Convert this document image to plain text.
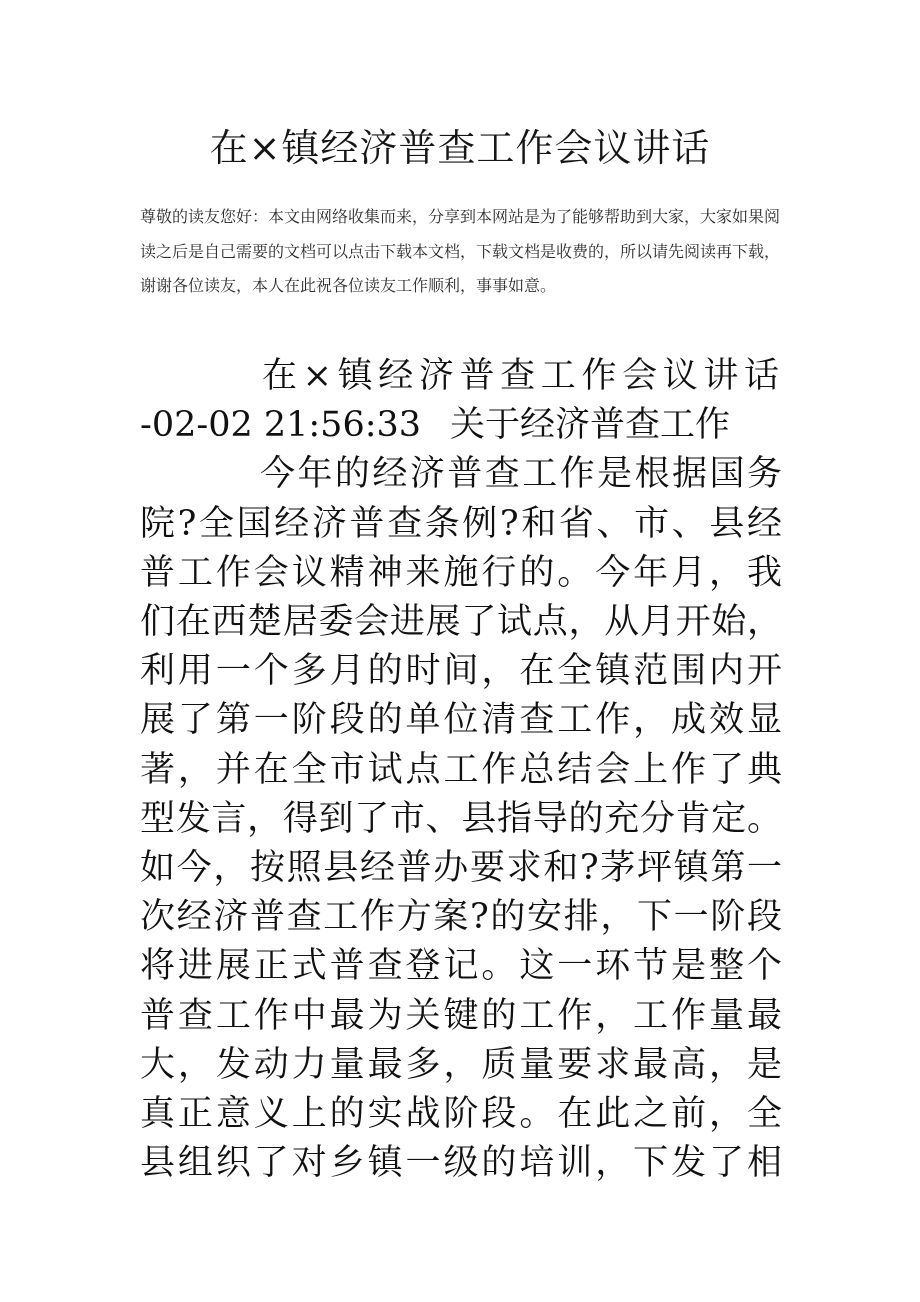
在×镇经济普查工作会议讲话

尊敬的读友您好：本文由网络收集而来，分享到本网站是为了能够帮助到大家，大家如果阅读之后是自己需要的文档可以点击下载本文档，下载文档是收费的，所以请先阅读再下载，谢谢各位读友，本人在此祝各位读友工作顺利，事事如意。

在×镇经济普查工作会议讲话
-02-02 21:56:33 关于经济普查工作
今年的经济普查工作是根据国务
院?全国经济普查条例?和省、市、县经
普工作会议精神来施行的。今年月，我
们在西楚居委会进展了试点，从月开始，
利用一个多月的时间，在全镇范围内开
展了第一阶段的单位清查工作，成效显
著，并在全市试点工作总结会上作了典
型发言，得到了市、县指导的充分肯定。
如今，按照县经普办要求和?茅坪镇第一
次经济普查工作方案?的安排，下一阶段
将进展正式普查登记。这一环节是整个
普查工作中最为关键的工作，工作量最
大，发动力量最多，质量要求最高，是
真正意义上的实战阶段。在此之前，全
县组织了对乡镇一级的培训，下发了相
